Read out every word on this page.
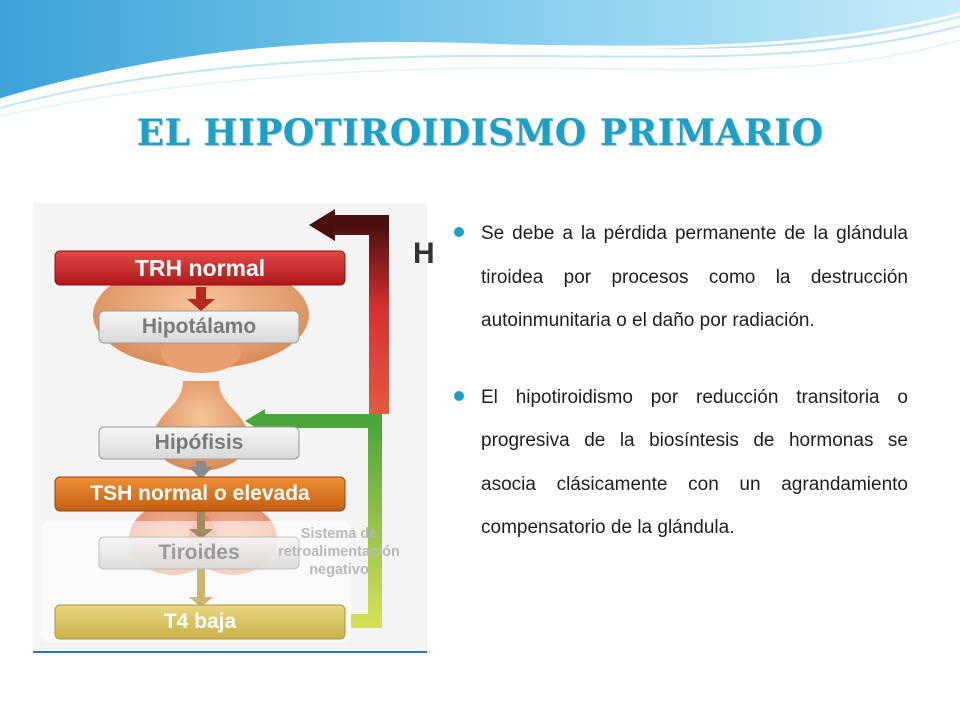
EL HIPOTIROIDISMO PRIMARIO
TRH normal
Hipotálamo
Hipófisis
TSH normal o elevada
Tiroides
T4 baja
Sistema de
retroalimentación
negativo
H
Se debe a la pérdida permanente de la glándula tiroidea por procesos como la destrucción autoinmunitaria o el daño por radiación.
El hipotiroidismo por reducción transitoria o progresiva de la biosíntesis de hormonas se asocia clásicamente con un agrandamiento compensatorio de la glándula.
